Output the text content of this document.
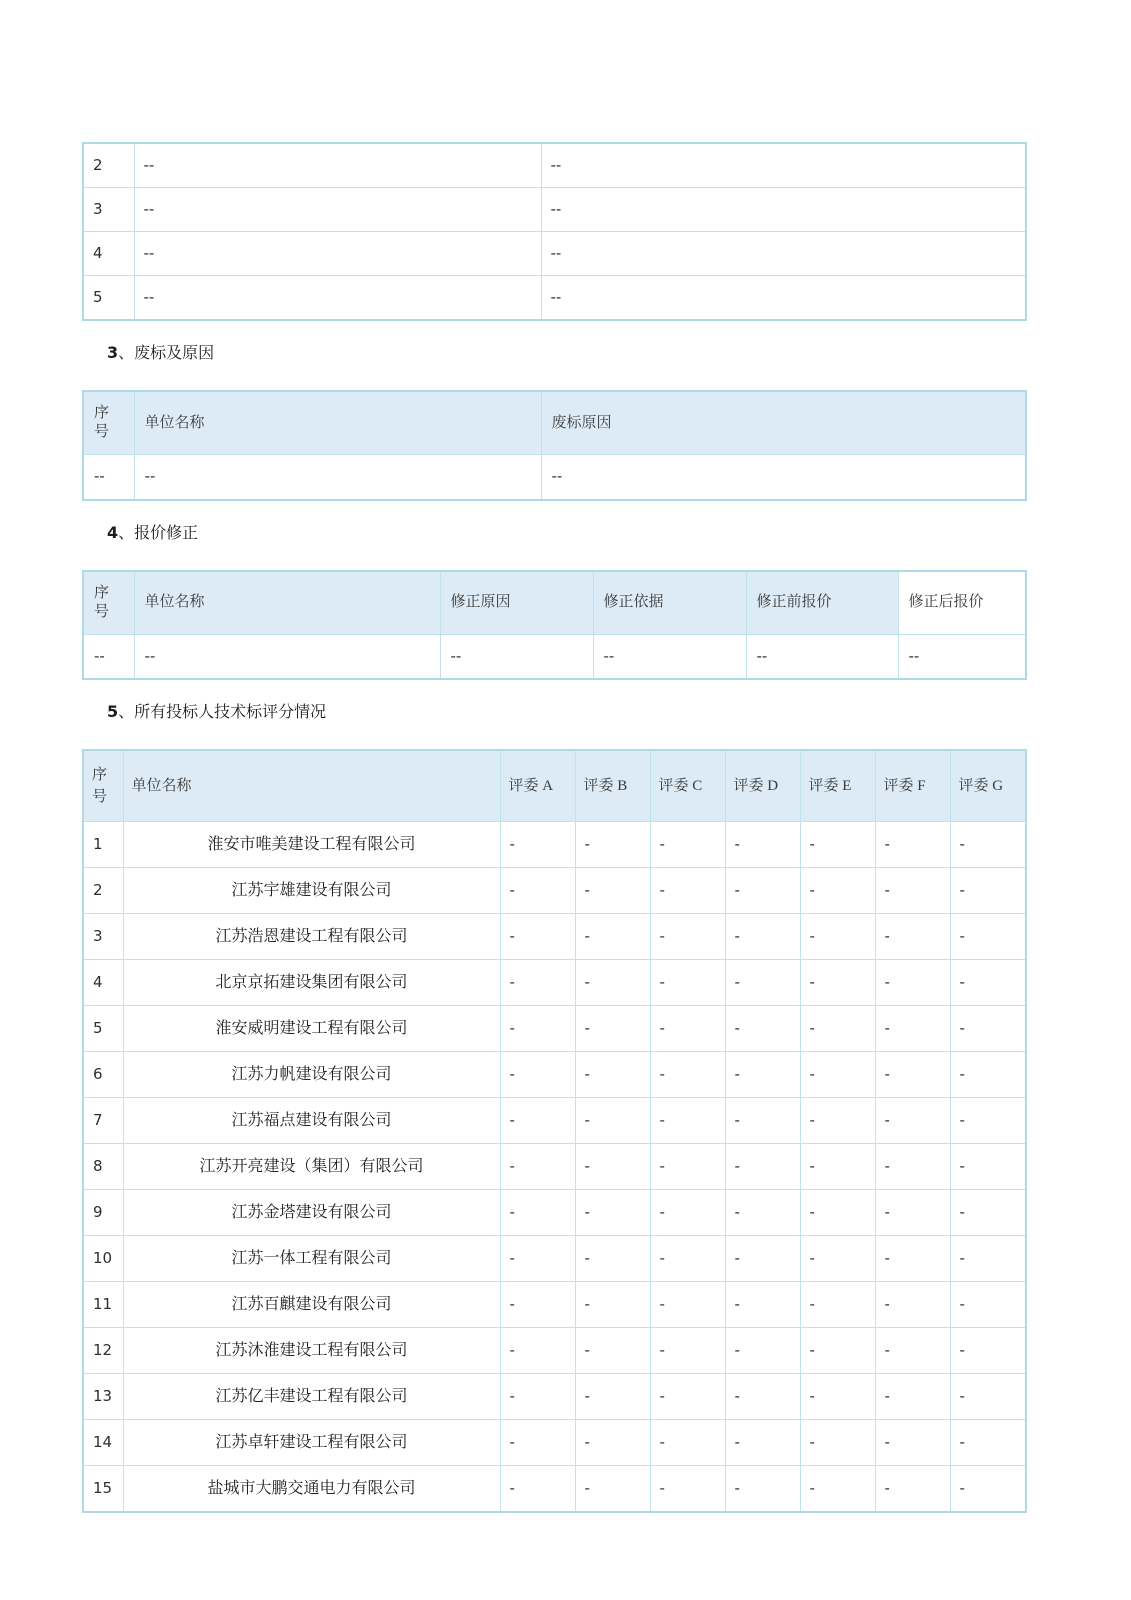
2	--	--
3	--	--
4	--	--
5	--	--
3、废标及原因
序号	单位名称	废标原因
--	--	--
4、报价修正
序号	单位名称	修正原因	修正依据	修正前报价	修正后报价
--	--	--	--	--	--
5、所有投标人技术标评分情况
序号	单位名称	评委 A	评委 B	评委 C	评委 D	评委 E	评委 F	评委 G
1	淮安市唯美建设工程有限公司	-	-	-	-	-	-	-
2	江苏宇雄建设有限公司	-	-	-	-	-	-	-
3	江苏浩恩建设工程有限公司	-	-	-	-	-	-	-
4	北京京拓建设集团有限公司	-	-	-	-	-	-	-
5	淮安威明建设工程有限公司	-	-	-	-	-	-	-
6	江苏力帆建设有限公司	-	-	-	-	-	-	-
7	江苏福点建设有限公司	-	-	-	-	-	-	-
8	江苏开亮建设（集团）有限公司	-	-	-	-	-	-	-
9	江苏金塔建设有限公司	-	-	-	-	-	-	-
10	江苏一体工程有限公司	-	-	-	-	-	-	-
11	江苏百麒建设有限公司	-	-	-	-	-	-	-
12	江苏沐淮建设工程有限公司	-	-	-	-	-	-	-
13	江苏亿丰建设工程有限公司	-	-	-	-	-	-	-
14	江苏卓轩建设工程有限公司	-	-	-	-	-	-	-
15	盐城市大鹏交通电力有限公司	-	-	-	-	-	-	-
